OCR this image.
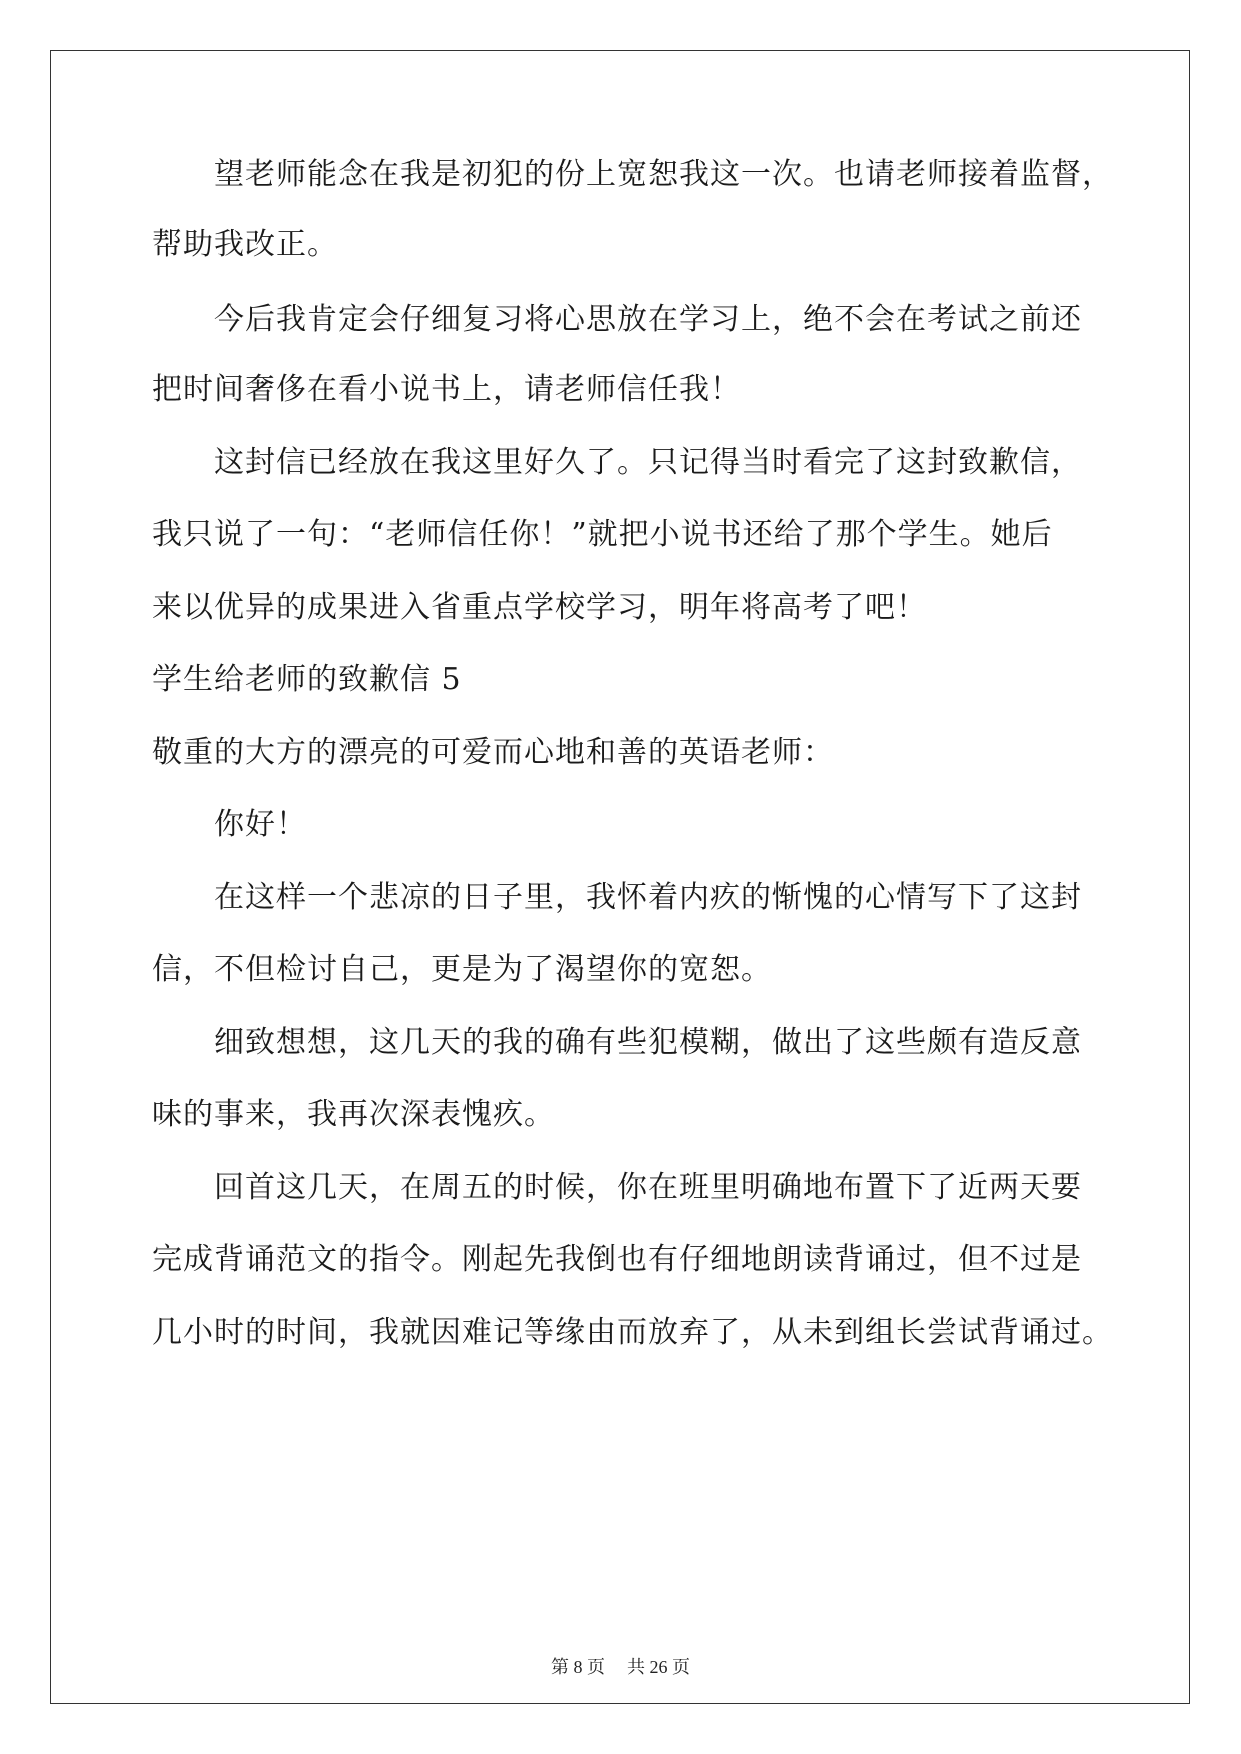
望老师能念在我是初犯的份上宽恕我这一次。也请老师接着监督，
帮助我改正。
今后我肯定会仔细复习将心思放在学习上，绝不会在考试之前还
把时间奢侈在看小说书上，请老师信任我！
这封信已经放在我这里好久了。只记得当时看完了这封致歉信，
我只说了一句：“老师信任你！”就把小说书还给了那个学生。她后
来以优异的成果进入省重点学校学习，明年将高考了吧！
学生给老师的致歉信 5
敬重的大方的漂亮的可爱而心地和善的英语老师：
你好！
在这样一个悲凉的日子里，我怀着内疚的惭愧的心情写下了这封
信，不但检讨自己，更是为了渴望你的宽恕。
细致想想，这几天的我的确有些犯模糊，做出了这些颇有造反意
味的事来，我再次深表愧疚。
回首这几天，在周五的时候，你在班里明确地布置下了近两天要
完成背诵范文的指令。刚起先我倒也有仔细地朗读背诵过，但不过是
几小时的时间，我就因难记等缘由而放弃了，从未到组长尝试背诵过。
第 8 页 共 26 页
